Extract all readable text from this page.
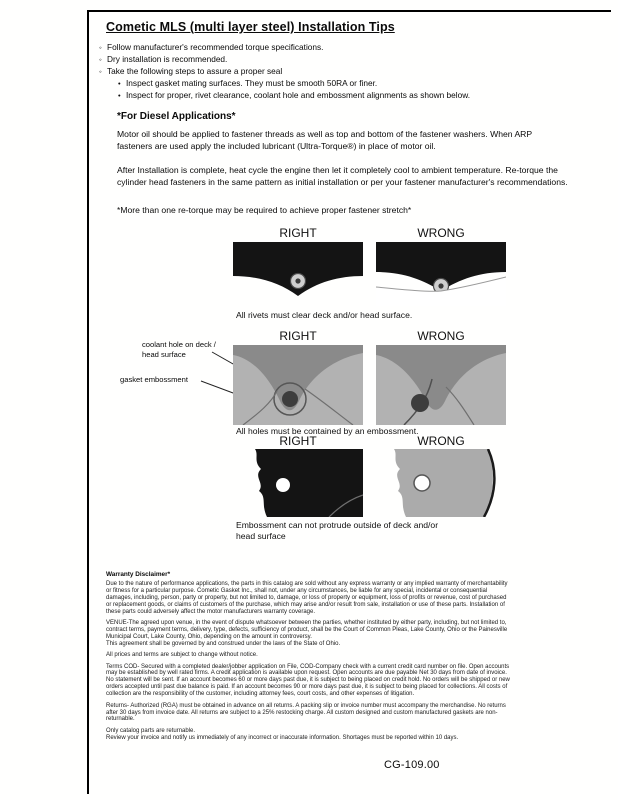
Cometic MLS (multi layer steel) Installation Tips
◦ Follow manufacturer's recommended torque specifications.
◦ Dry installation is recommended.
◦ Take the following steps to assure a proper seal
• Inspect gasket mating surfaces. They must be smooth 50RA or finer.
• Inspect for proper, rivet clearance, coolant hole and embossment alignments as shown below.
*For Diesel Applications*
Motor oil should be applied to fastener threads as well as top and bottom of the fastener washers. When ARP fasteners are used apply the included lubricant (Ultra-Torque®) in place of motor oil.
After Installation is complete, heat cycle the engine then let it completely cool to ambient temperature. Re-torque the cylinder head fasteners in the same pattern as initial installation or per your fastener manufacturer's recommendations.
*More than one re-torque may be required to achieve proper fastener stretch*
RIGHT	WRONG
All rivets must clear deck and/or head surface.
RIGHT	WRONG
coolant hole on deck / head surface
gasket embossment
All holes must be contained by an embossment.
RIGHT	WRONG
Embossment can not protrude outside of deck and/or head surface
Warranty Disclaimer*

Due to the nature of performance applications, the parts in this catalog are sold without any express warranty or any implied warranty of merchantability or fitness for a particular purpose. Cometic Gasket Inc., shall not, under any circumstances, be liable for any special, incidental or consequential damages, including, person, party or property, but not limited to, damage, or loss of property or equipment, loss of profits or revenue, cost of purchased or replacement goods, or claims of customers of the purchase, which may arise and/or result from sale, installation or use of these parts. Installation of these parts could adversely affect the motor manufacturers warranty coverage.

VENUE-The agreed upon venue, in the event of dispute whatsoever between the parties, whether instituted by either party, including, but not limited to, contract terms, payment terms, delivery, type, defects, sufficiency of product, shall be the Court of Common Pleas, Lake County, Ohio or the Painesville Municipal Court, Lake County, Ohio, depending on the amount in controversy.

This agreement shall be governed by and construed under the laws of the State of Ohio.

All prices and terms are subject to change without notice.

Terms COD- Secured with a completed dealer/jobber application on File, COD-Company check with a current credit card number on file. Open accounts may be established by well rated firms. A credit application is available upon request. Open accounts are due payable Net 30 days from date of invoice. No statement will be sent. If an account becomes 60 or more days past due, it is subject to being placed on credit hold. No orders will be shipped or new orders accepted until past due balance is paid. If an account becomes 90 or more days past due, it is subject to being placed for collections. All costs of collection are the responsibility of the customer, including attorney fees, court costs, and other expenses of litigation.

Returns- Authorized (RGA) must be obtained in advance on all returns. A packing slip or invoice number must accompany the merchandise. No returns after 30 days from invoice date. All returns are subject to a 25% restocking charge. All custom designed and custom manufactured gaskets are non-returnable.

Only catalog parts are returnable.

Review your invoice and notify us immediately of any incorrect or inaccurate information. Shortages must be reported within 10 days.

CG-109.00
